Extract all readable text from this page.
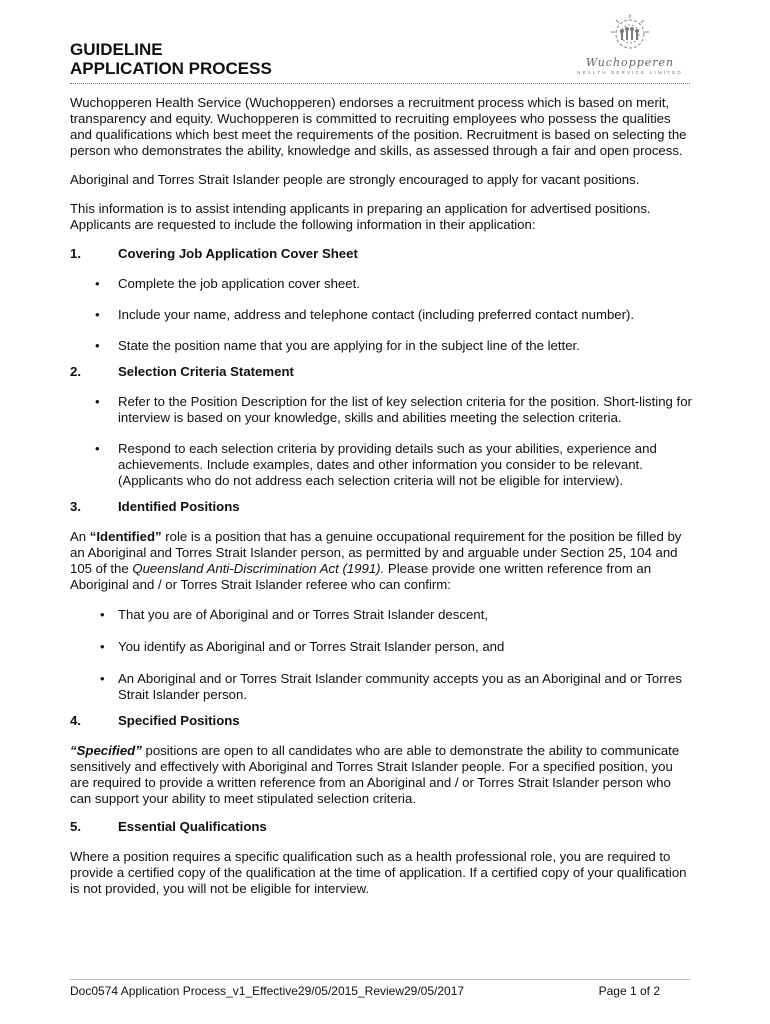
GUIDELINE
APPLICATION PROCESS	Wuchopperen
HEALTH SERVICE LIMITED

Wuchopperen Health Service (Wuchopperen) endorses a recruitment process which is based on merit, transparency and equity. Wuchopperen is committed to recruiting employees who possess the qualities and qualifications which best meet the requirements of the position. Recruitment is based on selecting the person who demonstrates the ability, knowledge and skills, as assessed through a fair and open process.

Aboriginal and Torres Strait Islander people are strongly encouraged to apply for vacant positions.

This information is to assist intending applicants in preparing an application for advertised positions. Applicants are requested to include the following information in their application:

1.	Covering Job Application Cover Sheet
• Complete the job application cover sheet.
• Include your name, address and telephone contact (including preferred contact number).
• State the position name that you are applying for in the subject line of the letter.
2.	Selection Criteria Statement
• Refer to the Position Description for the list of key selection criteria for the position. Short-listing for interview is based on your knowledge, skills and abilities meeting the selection criteria.
• Respond to each selection criteria by providing details such as your abilities, experience and achievements. Include examples, dates and other information you consider to be relevant. (Applicants who do not address each selection criteria will not be eligible for interview).
3.	Identified Positions

An “Identified” role is a position that has a genuine occupational requirement for the position be filled by an Aboriginal and Torres Strait Islander person, as permitted by and arguable under Section 25, 104 and 105 of the Queensland Anti-Discrimination Act (1991). Please provide one written reference from an Aboriginal and / or Torres Strait Islander referee who can confirm:

• That you are of Aboriginal and or Torres Strait Islander descent,
• You identify as Aboriginal and or Torres Strait Islander person, and
• An Aboriginal and or Torres Strait Islander community accepts you as an Aboriginal and or Torres Strait Islander person.
4.	Specified Positions

“Specified” positions are open to all candidates who are able to demonstrate the ability to communicate sensitively and effectively with Aboriginal and Torres Strait Islander people. For a specified position, you are required to provide a written reference from an Aboriginal and / or Torres Strait Islander person who can support your ability to meet stipulated selection criteria.

5.	Essential Qualifications

Where a position requires a specific qualification such as a health professional role, you are required to provide a certified copy of the qualification at the time of application. If a certified copy of your qualification is not provided, you will not be eligible for interview.

Doc0574 Application Process_v1_Effective29/05/2015_Review29/05/2017	Page 1 of 2
